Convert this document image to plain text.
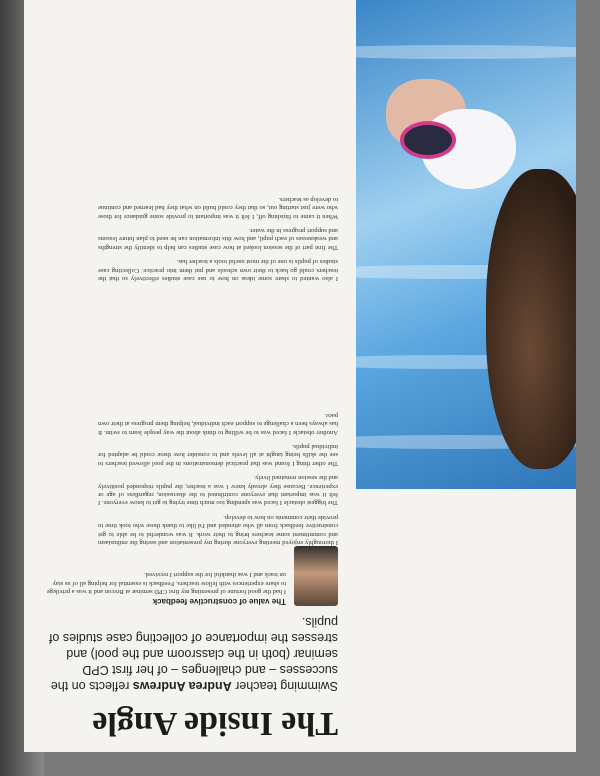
The Inside Angle

Swimming teacher Andrea Andrews reflects on the successes – and challenges – of her first CPD seminar (both in the classroom and the pool) and stresses the importance of collecting case studies of pupils.

The value of constructive feedback

I had the good fortune of presenting my first CPD seminar at Brecon and it was a privilege to share experiences with fellow teachers. Feedback is essential for helping all of us stay on track and I was thankful for the support I received.

I thoroughly enjoyed meeting everyone during my presentation and seeing the enthusiasm and commitment some teachers bring to their work. It was wonderful to be able to get constructive feedback from all who attended and I'd like to thank those who took time to provide their comments on how to develop.

The biggest obstacle I faced was spending too much time trying to get to know everyone. I felt it was important that everyone contributed to the discussion, regardless of age or experience. Because they already knew I was a teacher, the pupils responded positively and the session remained lively.

The other thing I found was that practical demonstrations in the pool allowed teachers to see the skills being taught at all levels and to consider how these could be adapted for individual pupils.

Another obstacle I faced was to be willing to think about the way people learn to swim. It has always been a challenge to support each individual, helping them progress at their own pace.

I also wanted to share some ideas on how to use case studies effectively so that the teachers could go back to their own schools and put them into practice. Collecting case studies of pupils is one of the most useful tools a teacher has.

The first part of the session looked at how case studies can help to identify the strengths and weaknesses of each pupil, and how this information can be used to plan future lessons and support progress in the water.

When it came to finishing off, I felt it was important to provide some guidance for those who were just starting out, so that they could build on what they had learned and continue to develop as teachers.
